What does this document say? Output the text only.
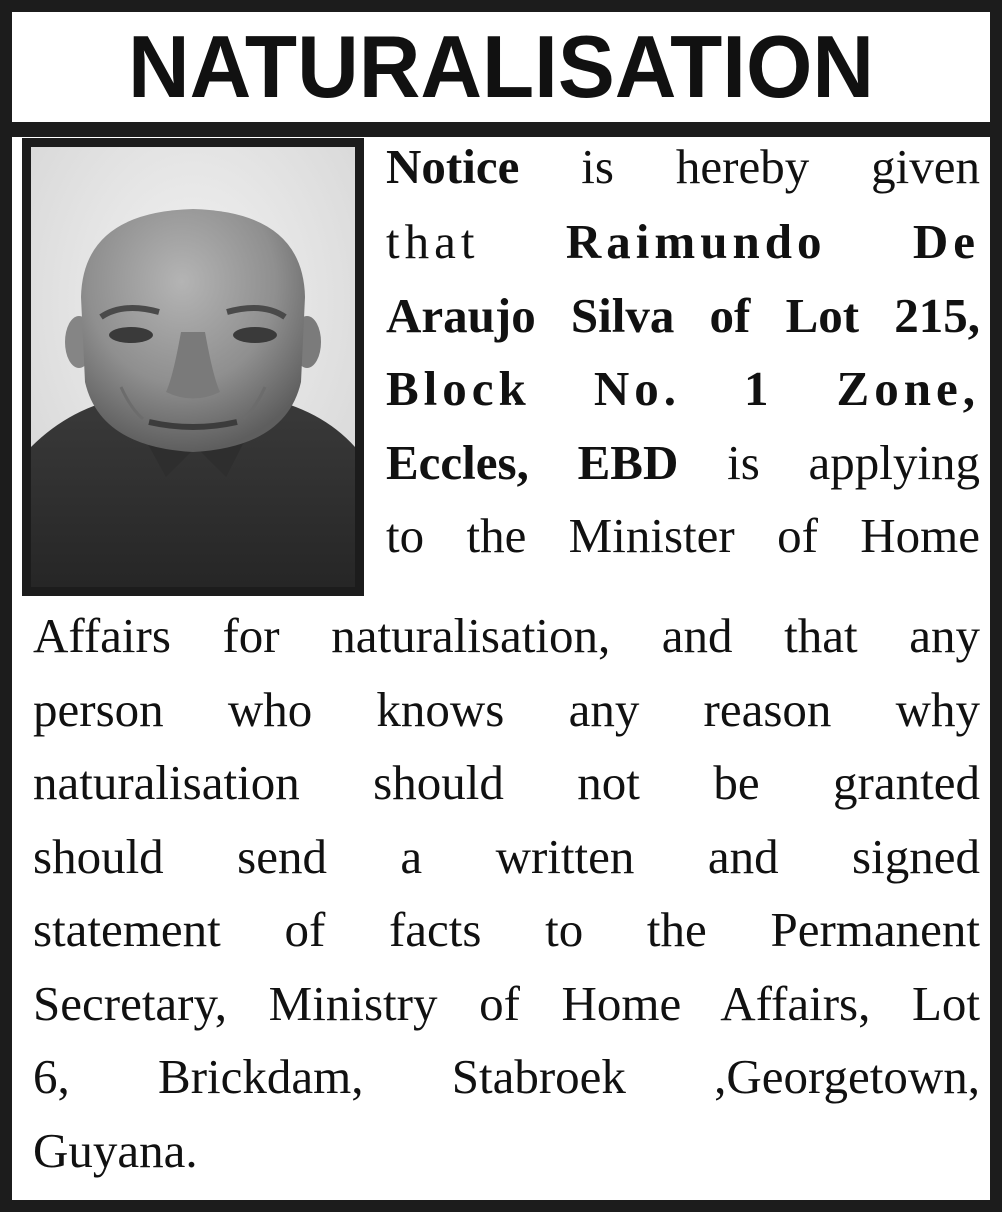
NATURALISATION

Notice is hereby given

that Raimundo De

Araujo Silva of Lot 215,

Block No. 1 Zone,

Eccles, EBD is applying

to the Minister of Home

Affairs for naturalisation, and that any

person who knows any reason why

naturalisation should not be granted

should send a written and signed

statement of facts to the Permanent

Secretary, Ministry of Home Affairs, Lot

6, Brickdam, Stabroek ,Georgetown,

Guyana.
